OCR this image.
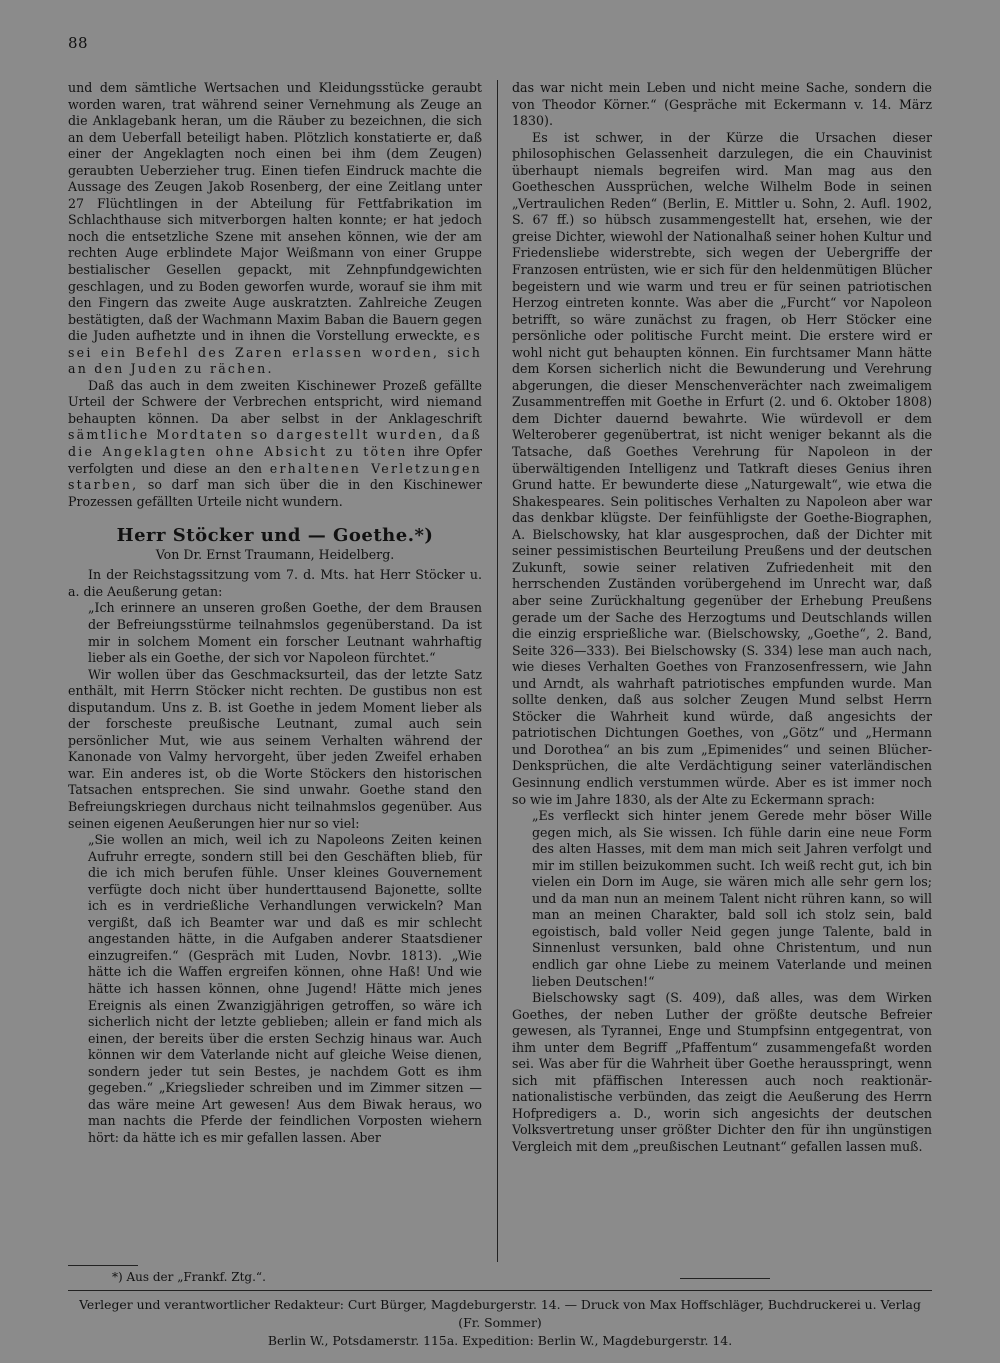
88

und dem sämtliche Wertsachen und Kleidungsstücke geraubt worden waren, trat während seiner Vernehmung als Zeuge an die Anklagebank heran, um die Räuber zu bezeichnen, die sich an dem Ueberfall beteiligt haben. Plötzlich konstatierte er, daß einer der Angeklagten noch einen bei ihm (dem Zeugen) geraubten Ueberzieher trug. Einen tiefen Eindruck machte die Aussage des Zeugen Jakob Rosenberg, der eine Zeitlang unter 27 Flüchtlingen in der Abteilung für Fettfabrikation im Schlachthause sich mitverborgen halten konnte; er hat jedoch noch die entsetzliche Szene mit ansehen können, wie der am rechten Auge erblindete Major Weißmann von einer Gruppe bestialischer Gesellen gepackt, mit Zehnpfundgewichten geschlagen, und zu Boden geworfen wurde, worauf sie ihm mit den Fingern das zweite Auge auskratzten. Zahlreiche Zeugen bestätigten, daß der Wachmann Maxim Baban die Bauern gegen die Juden aufhetzte und in ihnen die Vorstellung erweckte, es sei ein Befehl des Zaren erlassen worden, sich an den Juden zu rächen.

Daß das auch in dem zweiten Kischinewer Prozeß gefällte Urteil der Schwere der Verbrechen entspricht, wird niemand behaupten können. Da aber selbst in der Anklageschrift sämtliche Mordtaten so dargestellt wurden, daß die Angeklagten ohne Absicht zu töten ihre Opfer verfolgten und diese an den erhaltenen Verletzungen starben, so darf man sich über die in den Kischinewer Prozessen gefällten Urteile nicht wundern.

Herr Stöcker und — Goethe.*)

Von Dr. Ernst Traumann, Heidelberg.

In der Reichstagssitzung vom 7. d. Mts. hat Herr Stöcker u. a. die Aeußerung getan:

„Ich erinnere an unseren großen Goethe, der dem Brausen der Befreiungsstürme teilnahmslos gegenüberstand. Da ist mir in solchem Moment ein forscher Leutnant wahrhaftig lieber als ein Goethe, der sich vor Napoleon fürchtet.“

Wir wollen über das Geschmacksurteil, das der letzte Satz enthält, mit Herrn Stöcker nicht rechten. De gustibus non est disputandum. Uns z. B. ist Goethe in jedem Moment lieber als der forscheste preußische Leutnant, zumal auch sein persönlicher Mut, wie aus seinem Verhalten während der Kanonade von Valmy hervorgeht, über jeden Zweifel erhaben war. Ein anderes ist, ob die Worte Stöckers den historischen Tatsachen entsprechen. Sie sind unwahr. Goethe stand den Befreiungskriegen durchaus nicht teilnahmslos gegenüber. Aus seinen eigenen Aeußerungen hier nur so viel:

„Sie wollen an mich, weil ich zu Napoleons Zeiten keinen Aufruhr erregte, sondern still bei den Geschäften blieb, für die ich mich berufen fühle. Unser kleines Gouvernement verfügte doch nicht über hunderttausend Bajonette, sollte ich es in verdrießliche Verhandlungen verwickeln? Man vergißt, daß ich Beamter war und daß es mir schlecht angestanden hätte, in die Aufgaben anderer Staatsdiener einzugreifen.“ (Gespräch mit Luden, Novbr. 1813). „Wie hätte ich die Waffen ergreifen können, ohne Haß! Und wie hätte ich hassen können, ohne Jugend! Hätte mich jenes Ereignis als einen Zwanzigjährigen getroffen, so wäre ich sicherlich nicht der letzte geblieben; allein er fand mich als einen, der bereits über die ersten Sechzig hinaus war. Auch können wir dem Vaterlande nicht auf gleiche Weise dienen, sondern jeder tut sein Bestes, je nachdem Gott es ihm gegeben.“ „Kriegslieder schreiben und im Zimmer sitzen — das wäre meine Art gewesen! Aus dem Biwak heraus, wo man nachts die Pferde der feindlichen Vorposten wiehern hört: da hätte ich es mir gefallen lassen. Aber

das war nicht mein Leben und nicht meine Sache, sondern die von Theodor Körner.“ (Gespräche mit Eckermann v. 14. März 1830).

Es ist schwer, in der Kürze die Ursachen dieser philosophischen Gelassenheit darzulegen, die ein Chauvinist überhaupt niemals begreifen wird. Man mag aus den Goetheschen Aussprüchen, welche Wilhelm Bode in seinen „Vertraulichen Reden“ (Berlin, E. Mittler u. Sohn, 2. Aufl. 1902, S. 67 ff.) so hübsch zusammengestellt hat, ersehen, wie der greise Dichter, wiewohl der Nationalhaß seiner hohen Kultur und Friedensliebe widerstrebte, sich wegen der Uebergriffe der Franzosen entrüsten, wie er sich für den heldenmütigen Blücher begeistern und wie warm und treu er für seinen patriotischen Herzog eintreten konnte. Was aber die „Furcht“ vor Napoleon betrifft, so wäre zunächst zu fragen, ob Herr Stöcker eine persönliche oder politische Furcht meint. Die erstere wird er wohl nicht gut behaupten können. Ein furchtsamer Mann hätte dem Korsen sicherlich nicht die Bewunderung und Verehrung abgerungen, die dieser Menschenverächter nach zweimaligem Zusammentreffen mit Goethe in Erfurt (2. und 6. Oktober 1808) dem Dichter dauernd bewahrte. Wie würdevoll er dem Welteroberer gegenübertrat, ist nicht weniger bekannt als die Tatsache, daß Goethes Verehrung für Napoleon in der überwältigenden Intelligenz und Tatkraft dieses Genius ihren Grund hatte. Er bewunderte diese „Naturgewalt“, wie etwa die Shakespeares. Sein politisches Verhalten zu Napoleon aber war das denkbar klügste. Der feinfühligste der Goethe-Biographen, A. Bielschowsky, hat klar ausgesprochen, daß der Dichter mit seiner pessimistischen Beurteilung Preußens und der deutschen Zukunft, sowie seiner relativen Zufriedenheit mit den herrschenden Zuständen vorübergehend im Unrecht war, daß aber seine Zurückhaltung gegenüber der Erhebung Preußens gerade um der Sache des Herzogtums und Deutschlands willen die einzig ersprießliche war. (Bielschowsky, „Goethe“, 2. Band, Seite 326—333). Bei Bielschowsky (S. 334) lese man auch nach, wie dieses Verhalten Goethes von Franzosenfressern, wie Jahn und Arndt, als wahrhaft patriotisches empfunden wurde. Man sollte denken, daß aus solcher Zeugen Mund selbst Herrn Stöcker die Wahrheit kund würde, daß angesichts der patriotischen Dichtungen Goethes, von „Götz“ und „Hermann und Dorothea“ an bis zum „Epimenides“ und seinen Blücher-Denksprüchen, die alte Verdächtigung seiner vaterländischen Gesinnung endlich verstummen würde. Aber es ist immer noch so wie im Jahre 1830, als der Alte zu Eckermann sprach:

„Es verfleckt sich hinter jenem Gerede mehr böser Wille gegen mich, als Sie wissen. Ich fühle darin eine neue Form des alten Hasses, mit dem man mich seit Jahren verfolgt und mir im stillen beizukommen sucht. Ich weiß recht gut, ich bin vielen ein Dorn im Auge, sie wären mich alle sehr gern los; und da man nun an meinem Talent nicht rühren kann, so will man an meinen Charakter, bald soll ich stolz sein, bald egoistisch, bald voller Neid gegen junge Talente, bald in Sinnenlust versunken, bald ohne Christentum, und nun endlich gar ohne Liebe zu meinem Vaterlande und meinen lieben Deutschen!“

Bielschowsky sagt (S. 409), daß alles, was dem Wirken Goethes, der neben Luther der größte deutsche Befreier gewesen, als Tyrannei, Enge und Stumpfsinn entgegentrat, von ihm unter dem Begriff „Pfaffentum“ zusammengefaßt worden sei. Was aber für die Wahrheit über Goethe herausspringt, wenn sich mit pfäffischen Interessen auch noch reaktionär-nationalistische verbünden, das zeigt die Aeußerung des Herrn Hofpredigers a. D., worin sich angesichts der deutschen Volksvertretung unser größter Dichter den für ihn ungünstigen Vergleich mit dem „preußischen Leutnant“ gefallen lassen muß.

*) Aus der „Frankf. Ztg.“.
Verleger und verantwortlicher Redakteur: Curt Bürger, Magdeburgerstr. 14. — Druck von Max Hoffschläger, Buchdruckerei u. Verlag (Fr. Sommer)
Berlin W., Potsdamerstr. 115a. Expedition: Berlin W., Magdeburgerstr. 14.
